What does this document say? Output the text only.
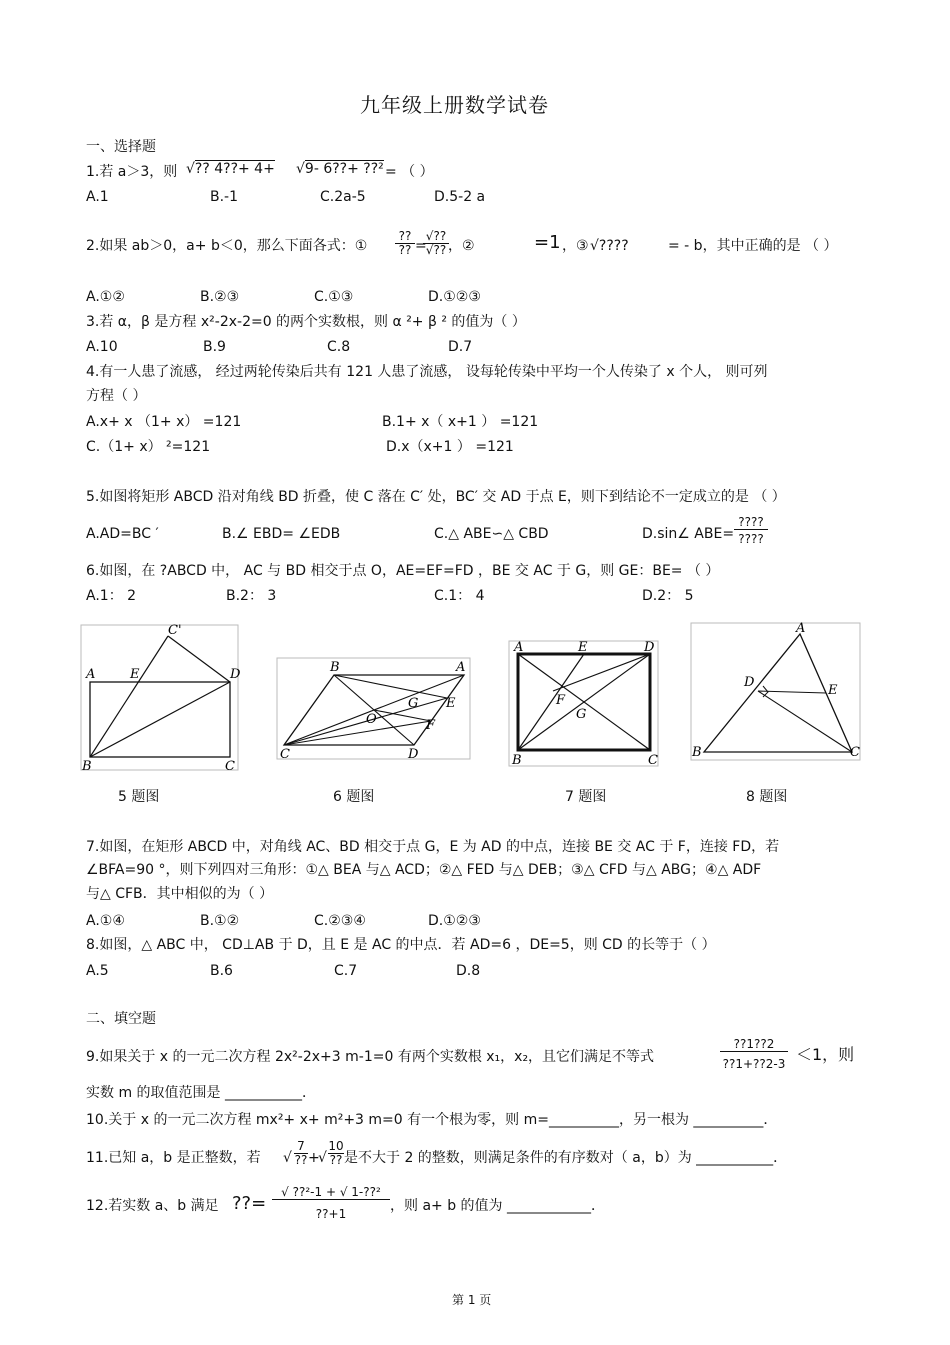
九年级上册数学试卷
一、选择题
1.若 a＞3，则 √?? 4??+ 4+ √9- 6??+ ??² = （ ）
A.1	B.-1	C.2a-5	D.5-2 a
2.如果 ab＞0，a+ b＜0，那么下面各式：①
??
?? =
√??
√?? ，②	=1 ，③ √????	= - b，其中正确的是 （ ）
A.①②	B.②③	C.①③	D.①②③
3.若 α，β 是方程 x²-2x-2=0 的两个实数根，则 α ²+ β ² 的值为（ ）
A.10	B.9	C.8	D.7
4.有一人患了流感， 经过两轮传染后共有 121 人患了流感， 设每轮传染中平均一个人传染了 x 个人， 则可列
方程（ ）
A.x+ x （1+ x） =121	B.1+ x（ x+1 ） =121
C.（1+ x） ²=121	D.x（x+1 ） =121
5.如图将矩形 ABCD 沿对角线 BD 折叠，使 C 落在 C′ 处，BC′ 交 AD 于点 E，则下到结论不一定成立的是 （ ）
A.AD=BC ′	B.∠ EBD= ∠EDB	C.△ ABE∽△ CBD	D.sin∠ ABE=
????
????
6.如图，在 ?ABCD 中， AC 与 BD 相交于点 O，AE=EF=FD ，BE 交 AC 于 G，则 GE：BE= （ ）
A.1： 2	B.2： 3	C.1： 4	D.2： 5
C'
A	E	D
B	C
B	A
G E
O	F
C	D
A	E	D
F
G
B	C
A
D
E
B	C
5 题图	6 题图	7 题图	8 题图
7.如图，在矩形 ABCD 中，对角线 AC、BD 相交于点 G，E 为 AD 的中点，连接 BE 交 AC 于 F，连接 FD，若
∠BFA=90 °，则下列四对三角形：①△ BEA 与△ ACD；②△ FED 与△ DEB；③△ CFD 与△ ABG；④△ ADF
与△ CFB．其中相似的为（ ）
A.①④	B.①②	C.②③④	D.①②③
8.如图，△ ABC 中， CD⊥AB 于 D，且 E 是 AC 的中点．若 AD=6 ，DE=5，则 CD 的长等于（ ）
A.5	B.6	C.7	D.8
二、填空题
9.如果关于 x 的一元二次方程 2x²-2x+3 m-1=0 有两个实数根 x₁，x₂，且它们满足不等式	$\frac{??1??2}{??1+??2-3} <1$，则
实数 m 的取值范围是 ___________．
10.关于 x 的一元二次方程 mx²+ x+ m²+3 m=0 有一个根为零，则 m=__________，另一根为 __________．
11.已知 a，b 是正整数，若 √
7
?? +
√
10
?? 是不大于 2 的整数，则满足条件的有序数对（ a，b）为 ___________．
12.若实数 a、b 满足 ??= $\frac{\text{√ ??²-1 + √ 1-??²}}{??+1}$ ，则 a+ b 的值为 ____________．
第 1 页
